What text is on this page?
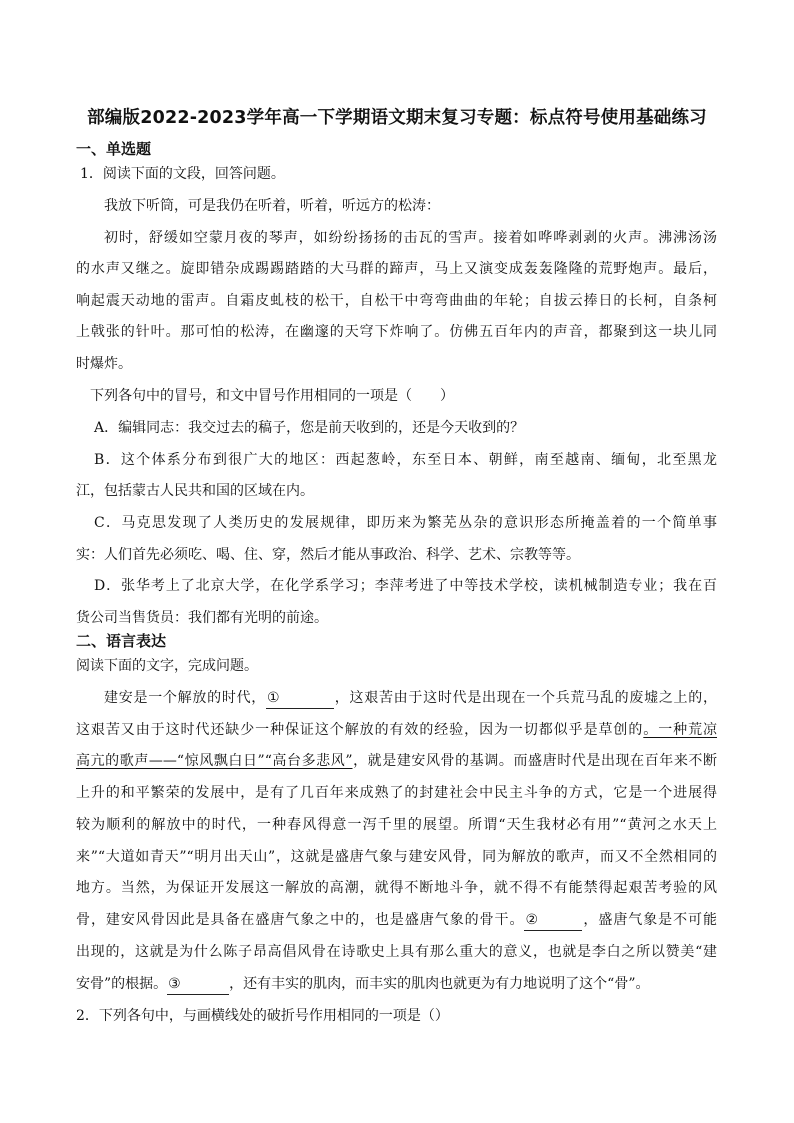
部编版2022-2023学年高一下学期语文期末复习专题：标点符号使用基础练习
一、单选题
1．阅读下面的文段，回答问题。
我放下听筒，可是我仍在听着，听着，听远方的松涛：
初时，舒缓如空蒙月夜的琴声，如纷纷扬扬的击瓦的雪声。接着如哗哗剥剥的火声。沸沸汤汤
的水声又继之。旋即错杂成踢踢踏踏的大马群的蹄声，马上又演变成轰轰隆隆的荒野炮声。最后，
响起震天动地的雷声。自霜皮虬枝的松干，自松干中弯弯曲曲的年轮；自拔云捧日的长柯，自条柯
上戟张的针叶。那可怕的松涛，在幽邃的天穹下炸响了。仿佛五百年内的声音，都聚到这一块儿同
时爆炸。
下列各句中的冒号，和文中冒号作用相同的一项是（　　）
A．编辑同志：我交过去的稿子，您是前天收到的，还是今天收到的？
B．这个体系分布到很广大的地区：西起葱岭，东至日本、朝鲜，南至越南、缅甸，北至黑龙
江，包括蒙古人民共和国的区域在内。
C．马克思发现了人类历史的发展规律，即历来为繁芜丛杂的意识形态所掩盖着的一个简单事
实：人们首先必须吃、喝、住、穿，然后才能从事政治、科学、艺术、宗教等等。
D．张华考上了北京大学，在化学系学习；李萍考进了中等技术学校，读机械制造专业；我在百
货公司当售货员：我们都有光明的前途。
二、语言表达
阅读下面的文字，完成问题。
建安是一个解放的时代，①	，这艰苦由于这时代是出现在一个兵荒马乱的废墟之上的，
这艰苦又由于这时代还缺少一种保证这个解放的有效的经验，因为一切都似乎是草创的。一种荒凉
高亢的歌声——“惊风飘白日”“高台多悲风”，就是建安风骨的基调。而盛唐时代是出现在百年来不断
上升的和平繁荣的发展中，是有了几百年来成熟了的封建社会中民主斗争的方式，它是一个进展得
较为顺利的解放中的时代，一种春风得意一泻千里的展望。所谓“天生我材必有用”“黄河之水天上
来”“大道如青天”“明月出天山”，这就是盛唐气象与建安风骨，同为解放的歌声，而又不全然相同的
地方。当然，为保证开发展这一解放的高潮，就得不断地斗争，就不得不有能禁得起艰苦考验的风
骨，建安风骨因此是具备在盛唐气象之中的，也是盛唐气象的骨干。②	，盛唐气象是不可能
出现的，这就是为什么陈子昂高倡风骨在诗歌史上具有那么重大的意义，也就是李白之所以赞美“建
安骨”的根据。③	，还有丰实的肌肉，而丰实的肌肉也就更为有力地说明了这个“骨”。
2．下列各句中，与画横线处的破折号作用相同的一项是（）
